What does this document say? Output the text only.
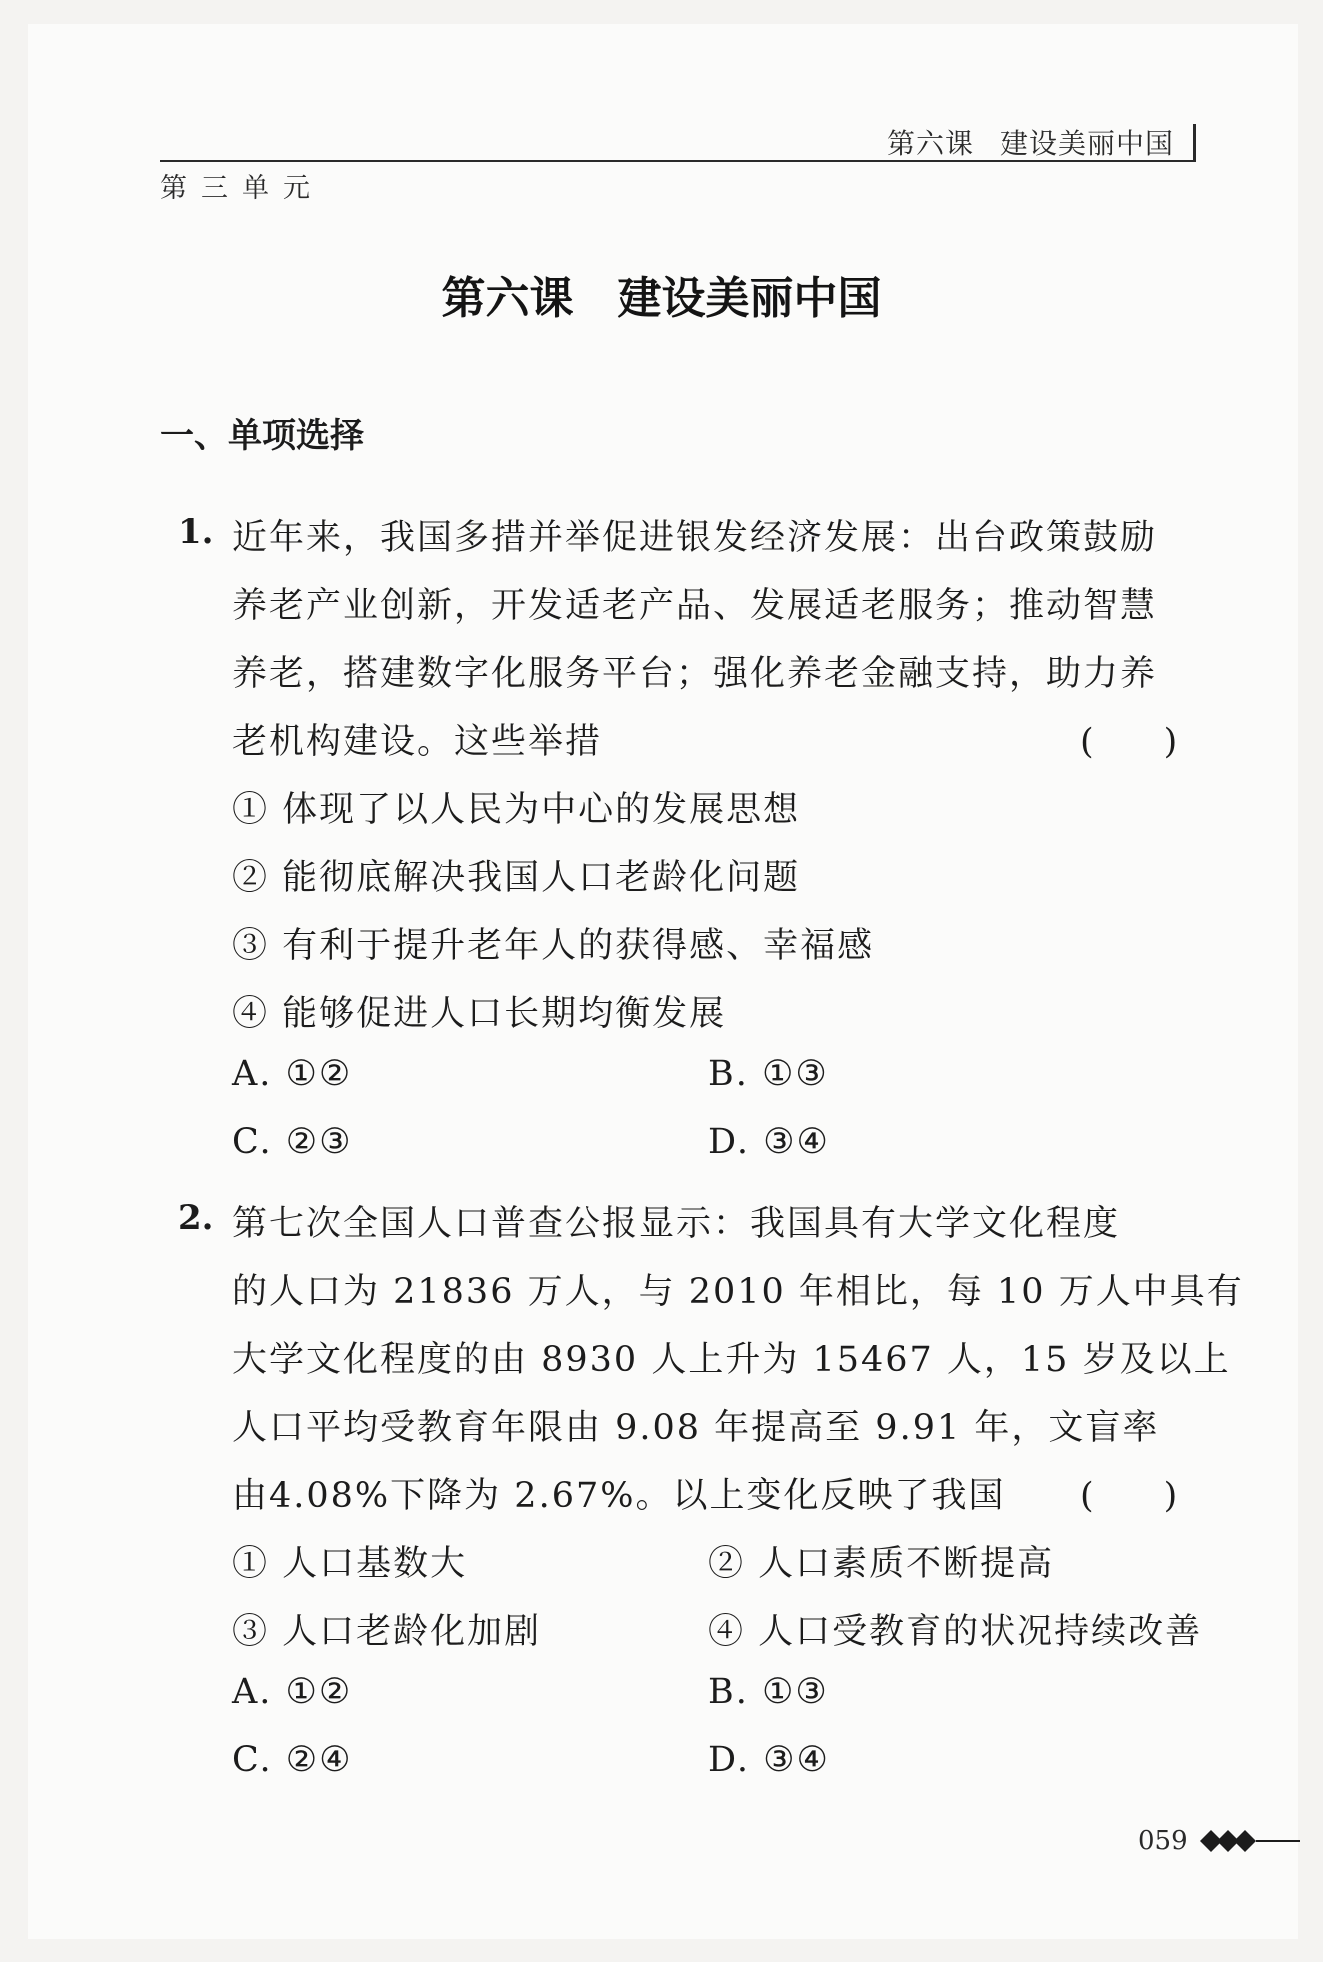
第六课 建设美丽中国
第三单元
第六课 建设美丽中国
一、单项选择
1. 近年来，我国多措并举促进银发经济发展：出台政策鼓励
养老产业创新，开发适老产品、发展适老服务；推动智慧
养老，搭建数字化服务平台；强化养老金融支持，助力养
老机构建设。这些举措	(　　)
① 体现了以人民为中心的发展思想
② 能彻底解决我国人口老龄化问题
③ 有利于提升老年人的获得感、幸福感
④ 能够促进人口长期均衡发展
A. ①②	B. ①③
C. ②③	D. ③④
2. 第七次全国人口普查公报显示：我国具有大学文化程度
的人口为 21836 万人，与 2010 年相比，每 10 万人中具有
大学文化程度的由 8930 人上升为 15467 人，15 岁及以上
人口平均受教育年限由 9.08 年提高至 9.91 年，文盲率
由4.08%下降为 2.67%。以上变化反映了我国 (　　)
① 人口基数大	② 人口素质不断提高
③ 人口老龄化加剧	④ 人口受教育的状况持续改善
A. ①②	B. ①③
C. ②④	D. ③④
059
